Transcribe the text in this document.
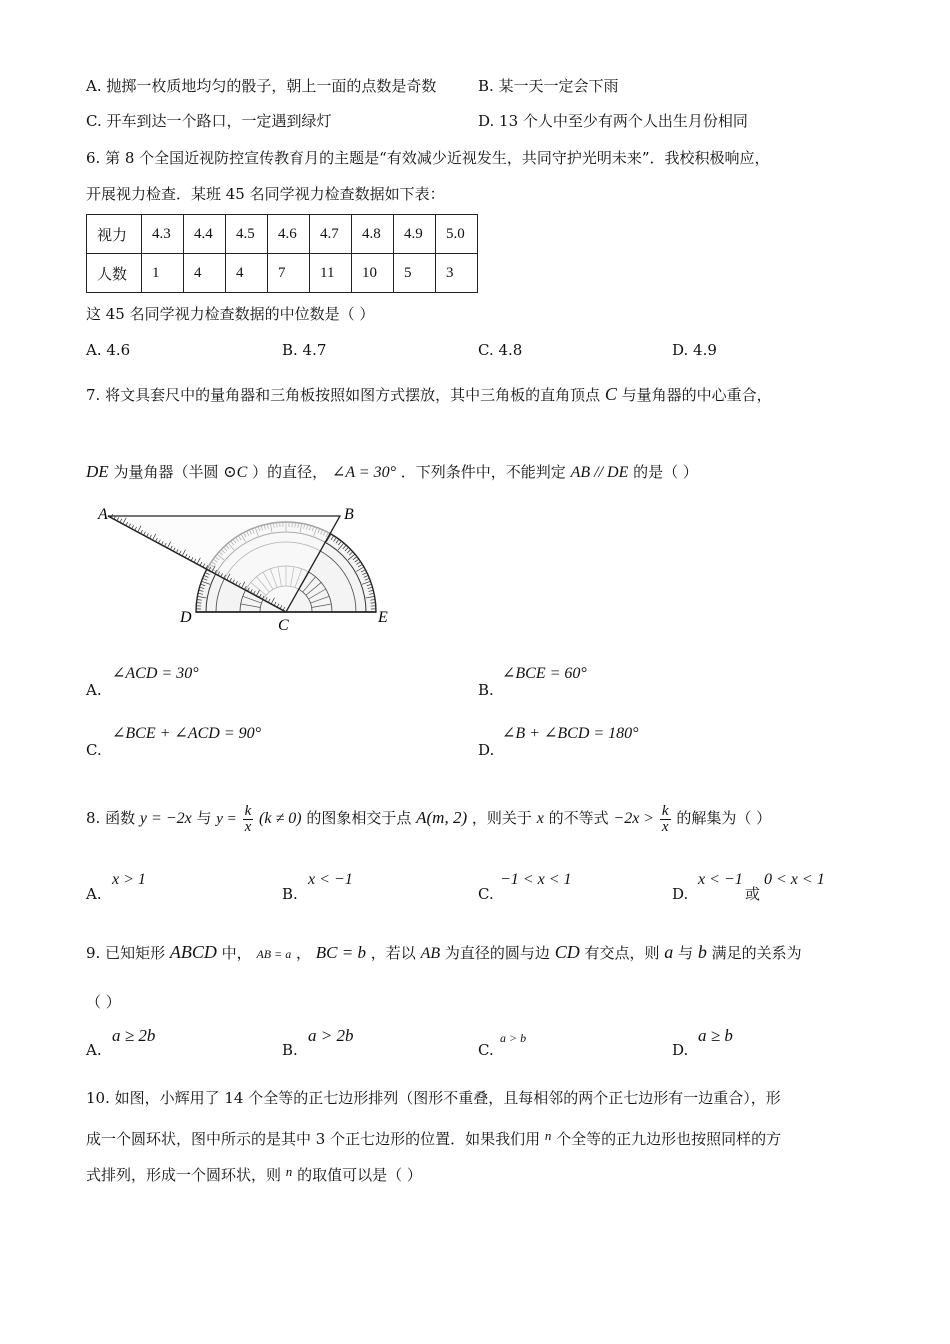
A. 抛掷一枚质地均匀的骰子，朝上一面的点数是奇数	B. 某一天一定会下雨
C. 开车到达一个路口，一定遇到绿灯	D. 13 个人中至少有两个人出生月份相同
6. 第 8 个全国近视防控宣传教育月的主题是“有效减少近视发生，共同守护光明未来”．我校积极响应，
开展视力检查．某班 45 名同学视力检查数据如下表：
视力	4.3	4.4	4.5	4.6	4.7	4.8	4.9	5.0
人数	1	4	4	7	11	10	5	3
这 45 名同学视力检查数据的中位数是（ ）
A. 4.6	B. 4.7	C. 4.8	D. 4.9
7. 将文具套尺中的量角器和三角板按照如图方式摆放，其中三角板的直角顶点 C 与量角器的中心重合，
DE 为量角器（半圆 ⊙C ）的直径， ∠A = 30° ．下列条件中，不能判定 AB // DE 的是（ ）
A	B
D	C	E
A.
∠ACD = 30°
B.
∠BCE = 60°
C.
∠BCE + ∠ACD = 90°
D.
∠B + ∠BCD = 180°
8. 函数 y = −2x 与 $y = \frac{k}{x} (k \ne 0)$ 的图象相交于点 A(m, 2) ，则关于 x 的不等式 $-2x > \frac{k}{x}$ 的解集为（ ）
A.
x > 1
B.
x < −1
C.
−1 < x < 1
D.
x < −1
或
0 < x < 1
9. 已知矩形 ABCD 中， AB = a ， BC = b ，若以 AB 为直径的圆与边 CD 有交点，则 a 与 b 满足的关系为
（ ）
A.
a ≥ 2b
B.
a > 2b
C.
a > b
D.
a ≥ b
10. 如图，小辉用了 14 个全等的正七边形排列（图形不重叠，且每相邻的两个正七边形有一边重合），形
成一个圆环状，图中所示的是其中 3 个正七边形的位置．如果我们用 n 个全等的正九边形也按照同样的方
式排列，形成一个圆环状，则 n 的取值可以是（ ）
